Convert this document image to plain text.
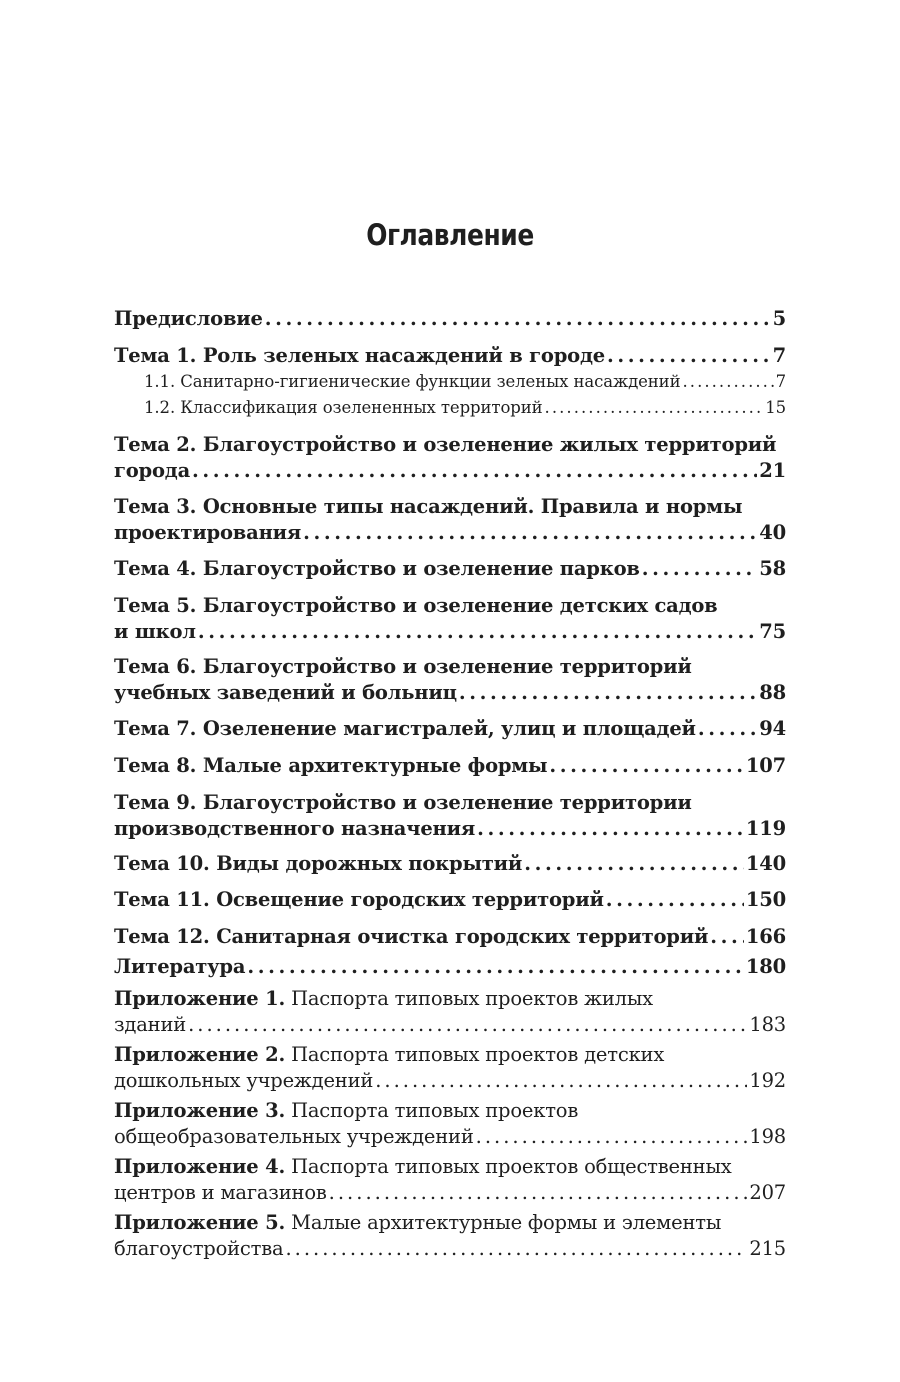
Оглавление
Предисловие . . .	5
Тема 1. Роль зеленых насаждений в городе . . .	7
1.1. Санитарно-гигиенические функции зеленых насаждений . . .	7
1.2. Классификация озелененных территорий . . .	15
Тема 2. Благоустройство и озеленение жилых территорий
города . . .	21
Тема 3. Основные типы насаждений. Правила и нормы
проектирования . . .	40
Тема 4. Благоустройство и озеленение парков . . .	58
Тема 5. Благоустройство и озеленение детских садов
и школ . . .	75
Тема 6. Благоустройство и озеленение территорий
учебных заведений и больниц . . .	88
Тема 7. Озеленение магистралей, улиц и площадей . . .	94
Тема 8. Малые архитектурные формы . . .	107
Тема 9. Благоустройство и озеленение территории
производственного назначения . . .	119
Тема 10. Виды дорожных покрытий . . .	140
Тема 11. Освещение городских территорий . . .	150
Тема 12. Санитарная очистка городских территорий . . . 166
Литература . . .	180
Приложение 1. Паспорта типовых проектов жилых
зданий . . .	183
Приложение 2. Паспорта типовых проектов детских
дошкольных учреждений . . .	192
Приложение 3. Паспорта типовых проектов
общеобразовательных учреждений . . .	198
Приложение 4. Паспорта типовых проектов общественных
центров и магазинов . . .	207
Приложение 5. Малые архитектурные формы и элементы
благоустройства . . .	215
